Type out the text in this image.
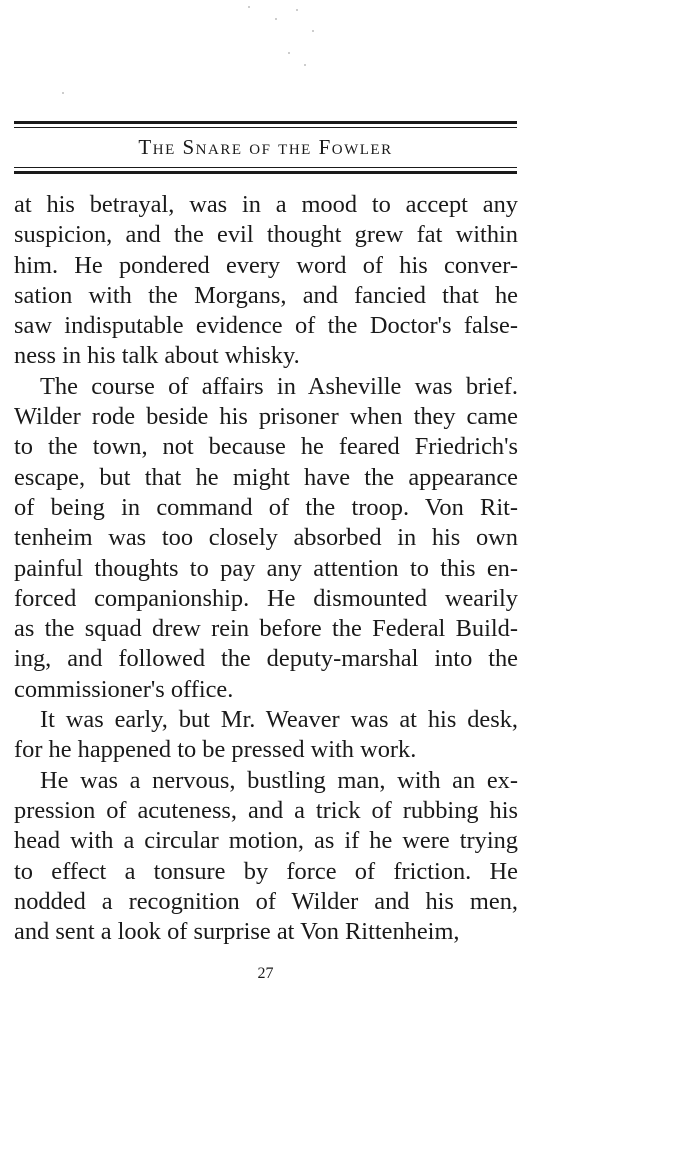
The Snare of the Fowler
at his betrayal, was in a mood to accept any
suspicion, and the evil thought grew fat within
him. He pondered every word of his conver-
sation with the Morgans, and fancied that he
saw indisputable evidence of the Doctor's false-
ness in his talk about whisky.
The course of affairs in Asheville was brief.
Wilder rode beside his prisoner when they came
to the town, not because he feared Friedrich's
escape, but that he might have the appearance
of being in command of the troop. Von Rit-
tenheim was too closely absorbed in his own
painful thoughts to pay any attention to this en-
forced companionship. He dismounted wearily
as the squad drew rein before the Federal Build-
ing, and followed the deputy-marshal into the
commissioner's office.
It was early, but Mr. Weaver was at his desk,
for he happened to be pressed with work.
He was a nervous, bustling man, with an ex-
pression of acuteness, and a trick of rubbing his
head with a circular motion, as if he were trying
to effect a tonsure by force of friction. He
nodded a recognition of Wilder and his men,
and sent a look of surprise at Von Rittenheim,
27
